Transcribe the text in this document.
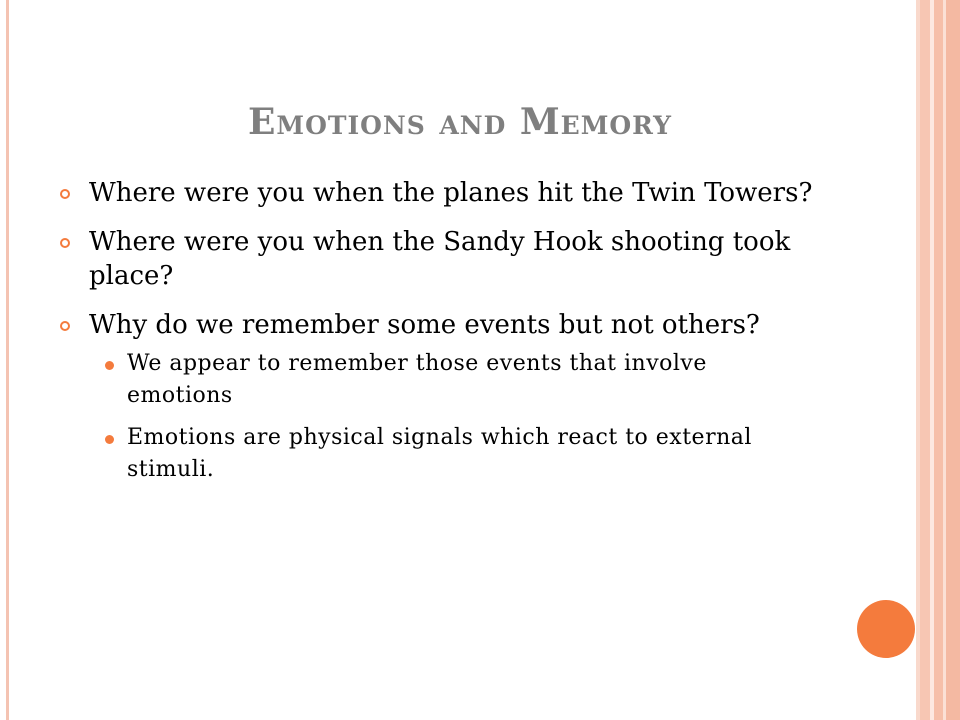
Emotions and Memory
Where were you when the planes hit the Twin Towers?
Where were you when the Sandy Hook shooting took place?
Why do we remember some events but not others?
We appear to remember those events that involve emotions
Emotions are physical signals which react to external stimuli.
